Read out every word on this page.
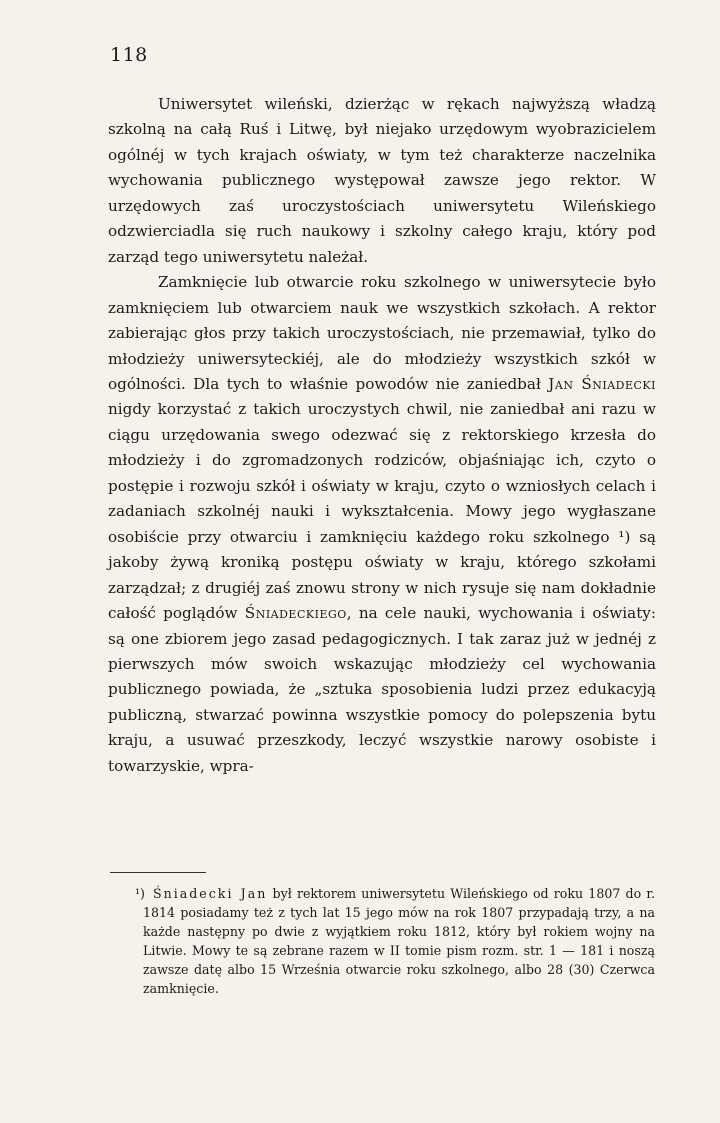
118

Uniwersytet wileński, dzierżąc w rękach najwyższą władzą szkolną na całą Ruś i Litwę, był niejako urzędowym wyobrazicielem ogólnéj w tych krajach oświaty, w tym też charakterze naczelnika wychowania publicznego występował zawsze jego rektor. W urzędowych zaś uroczystościach uniwersytetu Wileńskiego odzwierciadla się ruch naukowy i szkolny całego kraju, który pod zarząd tego uniwersytetu należał.

Zamknięcie lub otwarcie roku szkolnego w uniwersytecie było zamknięciem lub otwarciem nauk we wszystkich szkołach. A rektor zabierając głos przy takich uroczystościach, nie przemawiał, tylko do młodzieży uniwersyteckiéj, ale do młodzieży wszystkich szkół w ogólności. Dla tych to właśnie powodów nie zaniedbał Jan Śniadecki nigdy korzystać z takich uroczystych chwil, nie zaniedbał ani razu w ciągu urzędowania swego odezwać się z rektorskiego krzesła do młodzieży i do zgromadzonych rodziców, objaśniając ich, czyto o postępie i rozwoju szkół i oświaty w kraju, czyto o wzniosłych celach i zadaniach szkolnéj nauki i wykształcenia. Mowy jego wygłaszane osobiście przy otwarciu i zamknięciu każdego roku szkolnego ¹) są jakoby żywą kroniką postępu oświaty w kraju, którego szkołami zarządzał; z drugiéj zaś znowu strony w nich rysuje się nam dokładnie całość poglądów Śniadeckiego, na cele nauki, wychowania i oświaty: są one zbiorem jego zasad pedagogicznych. I tak zaraz już w jednéj z pierwszych mów swoich wskazując młodzieży cel wychowania publicznego powiada, że „sztuka sposobienia ludzi przez edukacyją publiczną, stwarzać powinna wszystkie pomocy do polepszenia bytu kraju, a usuwać przeszkody, leczyć wszystkie narowy osobiste i towarzyskie, wpra-

¹) Śniadecki Jan był rektorem uniwersytetu Wileńskiego od roku 1807 do r. 1814 posiadamy też z tych lat 15 jego mów na rok 1807 przypadają trzy, a na każde następny po dwie z wyjątkiem roku 1812, który był rokiem wojny na Litwie. Mowy te są zebrane razem w II tomie pism rozm. str. 1 — 181 i noszą zawsze datę albo 15 Września otwarcie roku szkolnego, albo 28 (30) Czerwca zamknięcie.
